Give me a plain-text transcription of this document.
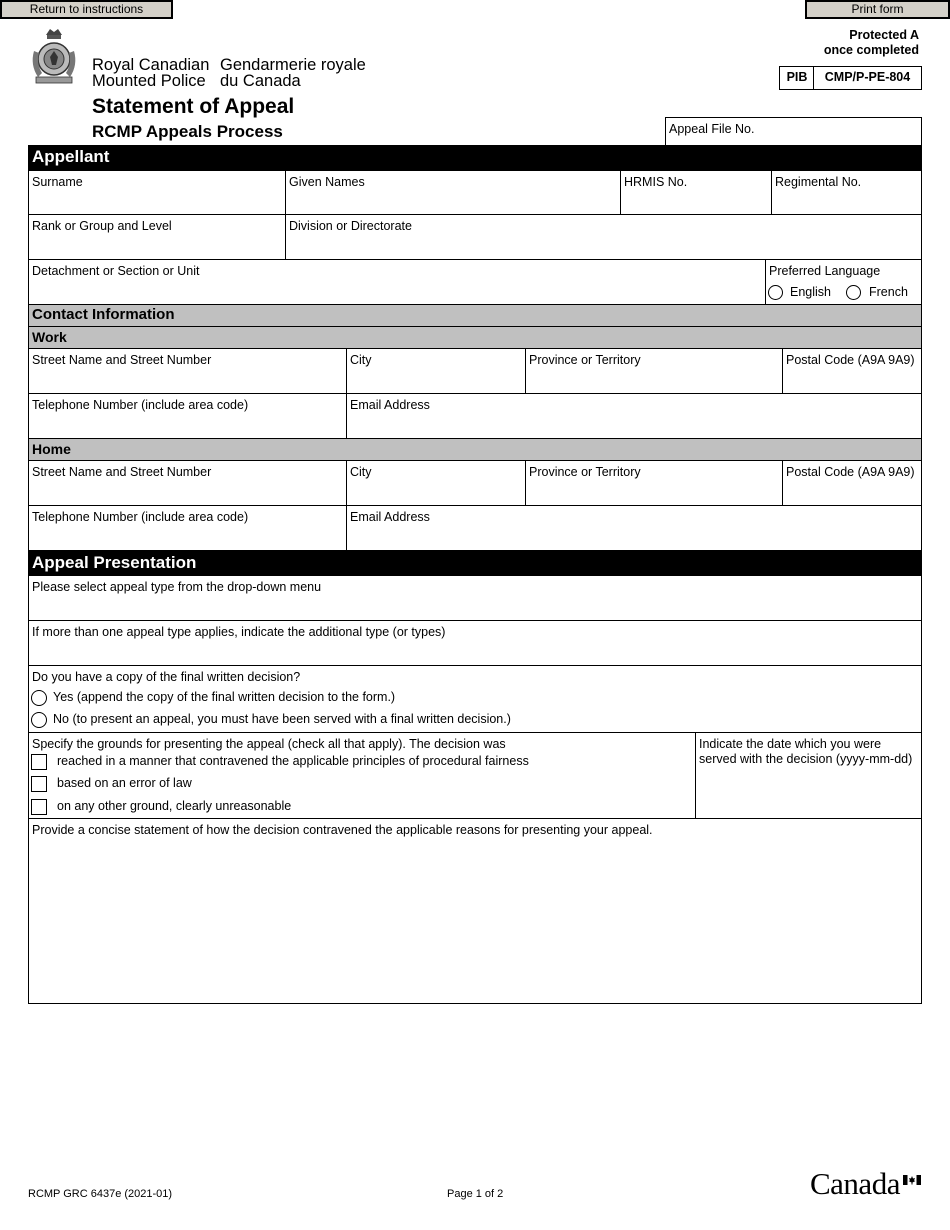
Return to instructions	Print form
Royal Canadian
Mounted Police
Gendarmerie royale
du Canada
Protected A
once completed
PIB	CMP/P-PE-804
Statement of Appeal
RCMP Appeals Process	Appeal File No.
Appellant
Surname	Given Names	HRMIS No.	Regimental No.
Rank or Group and Level	Division or Directorate
Detachment or Section or Unit	Preferred Language
English	French
Contact Information
Work
Street Name and Street Number	City	Province or Territory	Postal Code (A9A 9A9)
Telephone Number (include area code)	Email Address
Home
Street Name and Street Number	City	Province or Territory	Postal Code (A9A 9A9)
Telephone Number (include area code)	Email Address
Appeal Presentation
Please select appeal type from the drop-down menu
If more than one appeal type applies, indicate the additional type (or types)
Do you have a copy of the final written decision?
Yes (append the copy of the final written decision to the form.)
No (to present an appeal, you must have been served with a final written decision.)
Specify the grounds for presenting the appeal (check all that apply). The decision was
reached in a manner that contravened the applicable principles of procedural fairness
based on an error of law
on any other ground, clearly unreasonable
Indicate the date which you were
served with the decision (yyyy-mm-dd)
Provide a concise statement of how the decision contravened the applicable reasons for presenting your appeal.
RCMP GRC 6437e (2021-01)	Page 1 of 2	Canada
